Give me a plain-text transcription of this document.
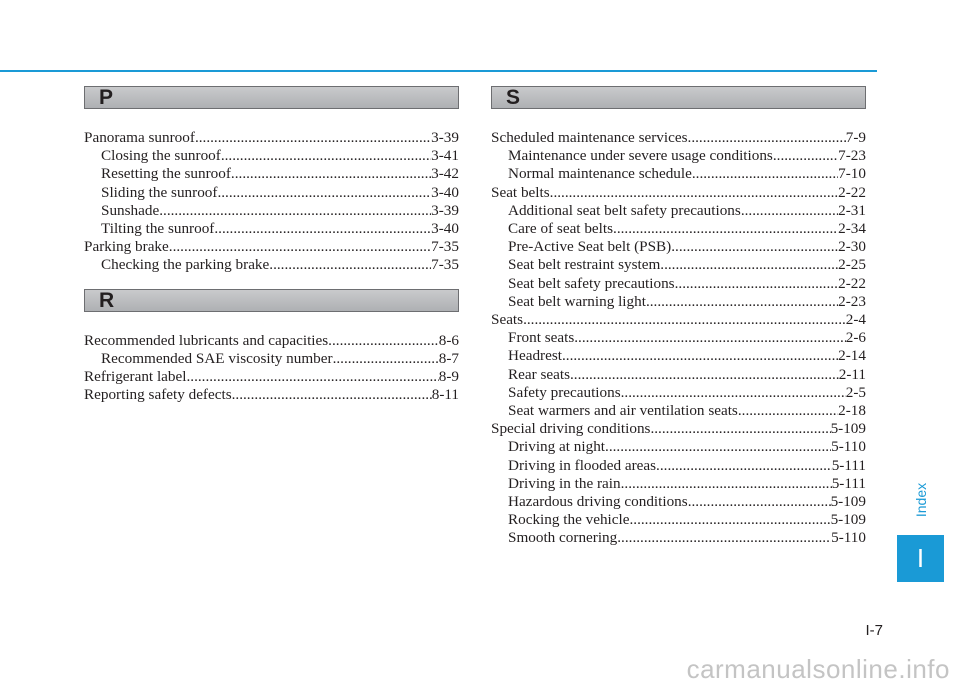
P
Panorama sunroof .....	3-39
Closing the sunroof .....	3-41
Resetting the sunroof. .....	3-42
Sliding the sunroof .....	3-40
Sunshade. .....	3-39
Tilting the sunroof .....	3-40
Parking brake .....	7-35
Checking the parking brake .....	7-35
R
Recommended lubricants and capacities .....	8-6
Recommended SAE viscosity number .....	8-7
Refrigerant label .....	8-9
Reporting safety defects. .....	8-11
S
Scheduled maintenance services. .....	7-9
Maintenance under severe usage conditions .....	7-23
Normal maintenance schedule .....	7-10
Seat belts .....	2-22
Additional seat belt safety precautions .....	2-31
Care of seat belts .....	2-34
Pre-Active Seat belt (PSB) .....	2-30
Seat belt restraint system. .....	2-25
Seat belt safety precautions .....	2-22
Seat belt warning light .....	2-23
Seats .....	2-4
Front seats .....	2-6
Headrest .....	2-14
Rear seats .....	2-11
Safety precautions .....	2-5
Seat warmers and air ventilation seats .....	2-18
Special driving conditions .....	5-109
Driving at night .....	5-110
Driving in flooded areas .....	5-111
Driving in the rain .....	5-111
Hazardous driving conditions .....	5-109
Rocking the vehicle .....	5-109
Smooth cornering .....	5-110
Index
I
I-7
carmanualsonline.info
